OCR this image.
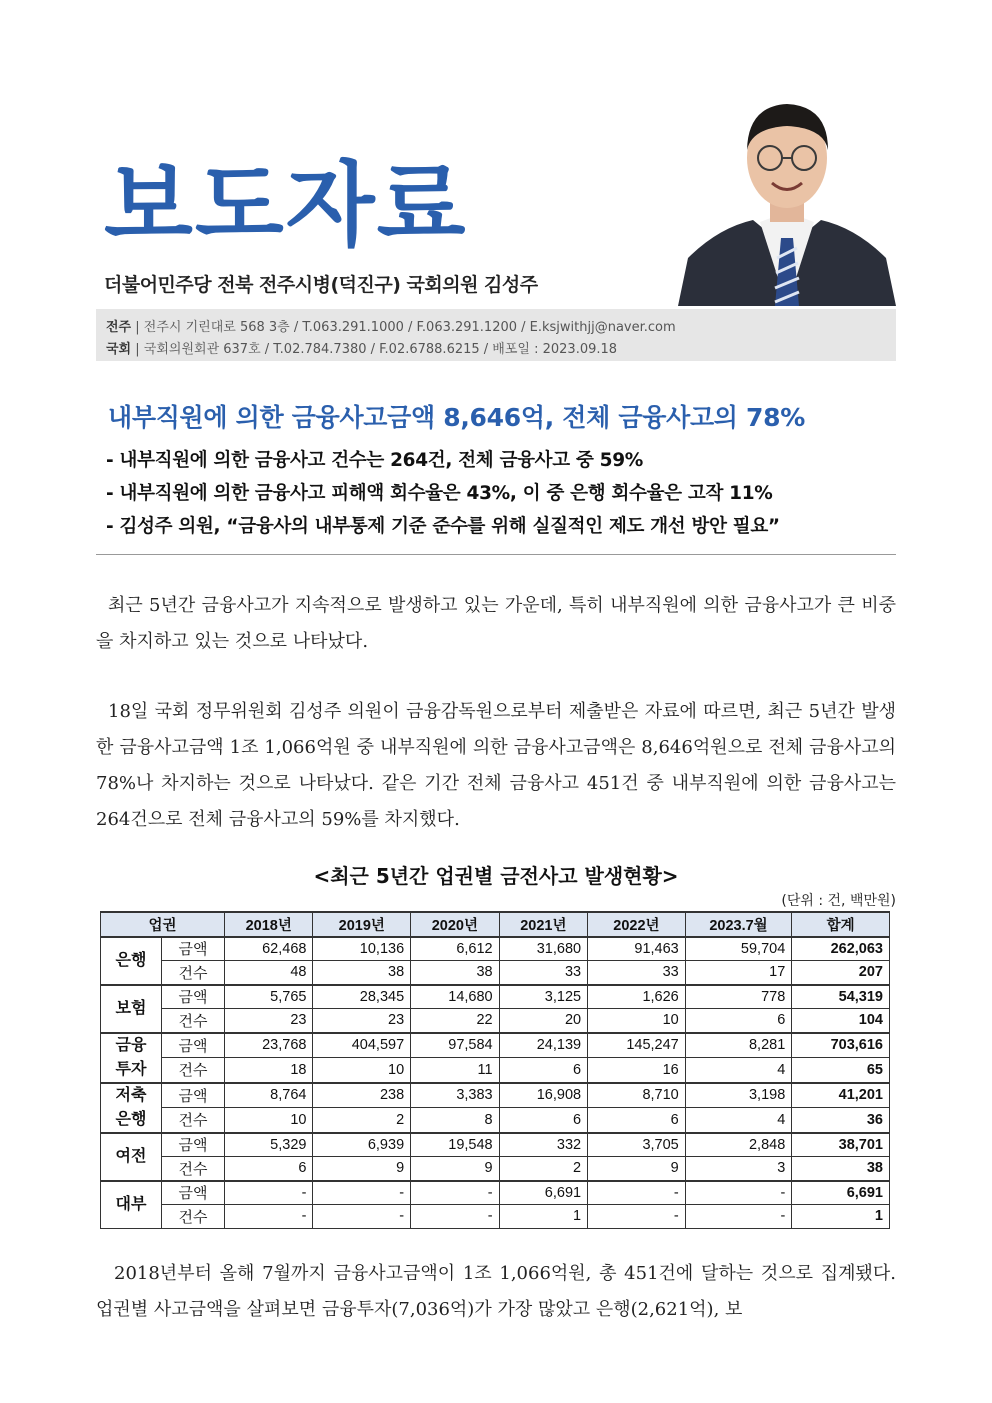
보도자료
더불어민주당 전북 전주시병(덕진구) 국회의원 김성주
전주 | 전주시 기린대로 568 3층 / T.063.291.1000 / F.063.291.1200 / E.ksjwithjj@naver.com
국회 | 국회의원회관 637호 / T.02.784.7380 / F.02.6788.6215 / 배포일 : 2023.09.18
내부직원에 의한 금융사고금액 8,646억, 전체 금융사고의 78%
- 내부직원에 의한 금융사고 건수는 264건, 전체 금융사고 중 59%
- 내부직원에 의한 금융사고 피해액 회수율은 43%, 이 중 은행 회수율은 고작 11%
- 김성주 의원, “금융사의 내부통제 기준 준수를 위해 실질적인 제도 개선 방안 필요”
최근 5년간 금융사고가 지속적으로 발생하고 있는 가운데, 특히 내부직원에 의한 금융사고가 큰 비중을 차지하고 있는 것으로 나타났다.
18일 국회 정무위원회 김성주 의원이 금융감독원으로부터 제출받은 자료에 따르면, 최근 5년간 발생한 금융사고금액 1조 1,066억원 중 내부직원에 의한 금융사고금액은 8,646억원으로 전체 금융사고의 78%나 차지하는 것으로 나타났다. 같은 기간 전체 금융사고 451건 중 내부직원에 의한 금융사고는 264건으로 전체 금융사고의 59%를 차지했다.
<최근 5년간 업권별 금전사고 발생현황>
(단위 : 건, 백만원)
업권		2018년	2019년	2020년	2021년	2022년	2023.7월	합계
은행	금액	62,468	10,136	6,612	31,680	91,463	59,704	262,063
	건수	48	38	38	33	33	17	207
보험	금액	5,765	28,345	14,680	3,125	1,626	778	54,319
	건수	23	23	22	20	10	6	104
금융
투자	금액	23,768	404,597	97,584	24,139	145,247	8,281	703,616
	건수	18	10	11	6	16	4	65
저축
은행	금액	8,764	238	3,383	16,908	8,710	3,198	41,201
	건수	10	2	8	6	6	4	36
여전	금액	5,329	6,939	19,548	332	3,705	2,848	38,701
	건수	6	9	9	2	9	3	38
대부	금액	-	-	-	6,691	-	-	6,691
	건수	-	-	-	1	-	-	1
2018년부터 올해 7월까지 금융사고금액이 1조 1,066억원, 총 451건에 달하는 것으로 집계됐다. 업권별 사고금액을 살펴보면 금융투자(7,036억)가 가장 많았고 은행(2,621억), 보
